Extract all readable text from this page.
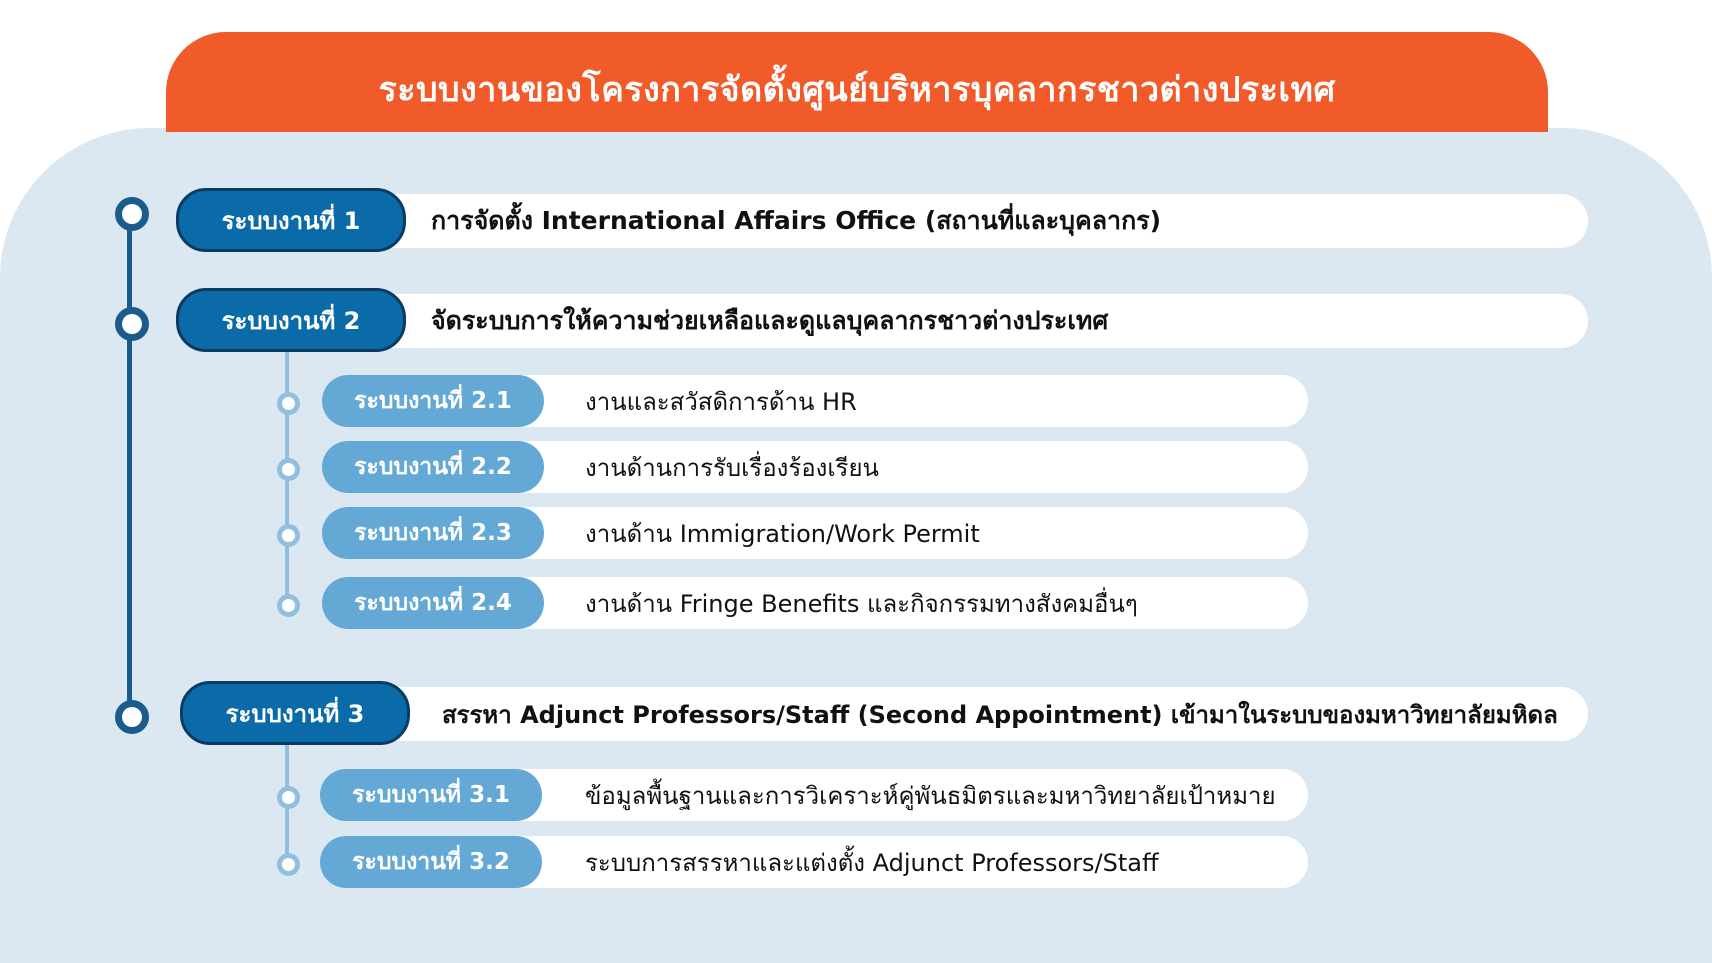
ระบบงานของโครงการจัดตั้งศูนย์บริหารบุคลากรชาวต่างประเทศ
ระบบงานที่ 1	การจัดตั้ง International Affairs Office (สถานที่และบุคลากร)
ระบบงานที่ 2	จัดระบบการให้ความช่วยเหลือและดูแลบุคลากรชาวต่างประเทศ
ระบบงานที่ 2.1	งานและสวัสดิการด้าน HR
ระบบงานที่ 2.2	งานด้านการรับเรื่องร้องเรียน
ระบบงานที่ 2.3	งานด้าน Immigration/Work Permit
ระบบงานที่ 2.4	งานด้าน Fringe Benefits และกิจกรรมทางสังคมอื่นๆ
ระบบงานที่ 3	สรรหา Adjunct Professors/Staff (Second Appointment) เข้ามาในระบบของมหาวิทยาลัยมหิดล
ระบบงานที่ 3.1	ข้อมูลพื้นฐานและการวิเคราะห์คู่พันธมิตรและมหาวิทยาลัยเป้าหมาย
ระบบงานที่ 3.2	ระบบการสรรหาและแต่งตั้ง Adjunct Professors/Staff
